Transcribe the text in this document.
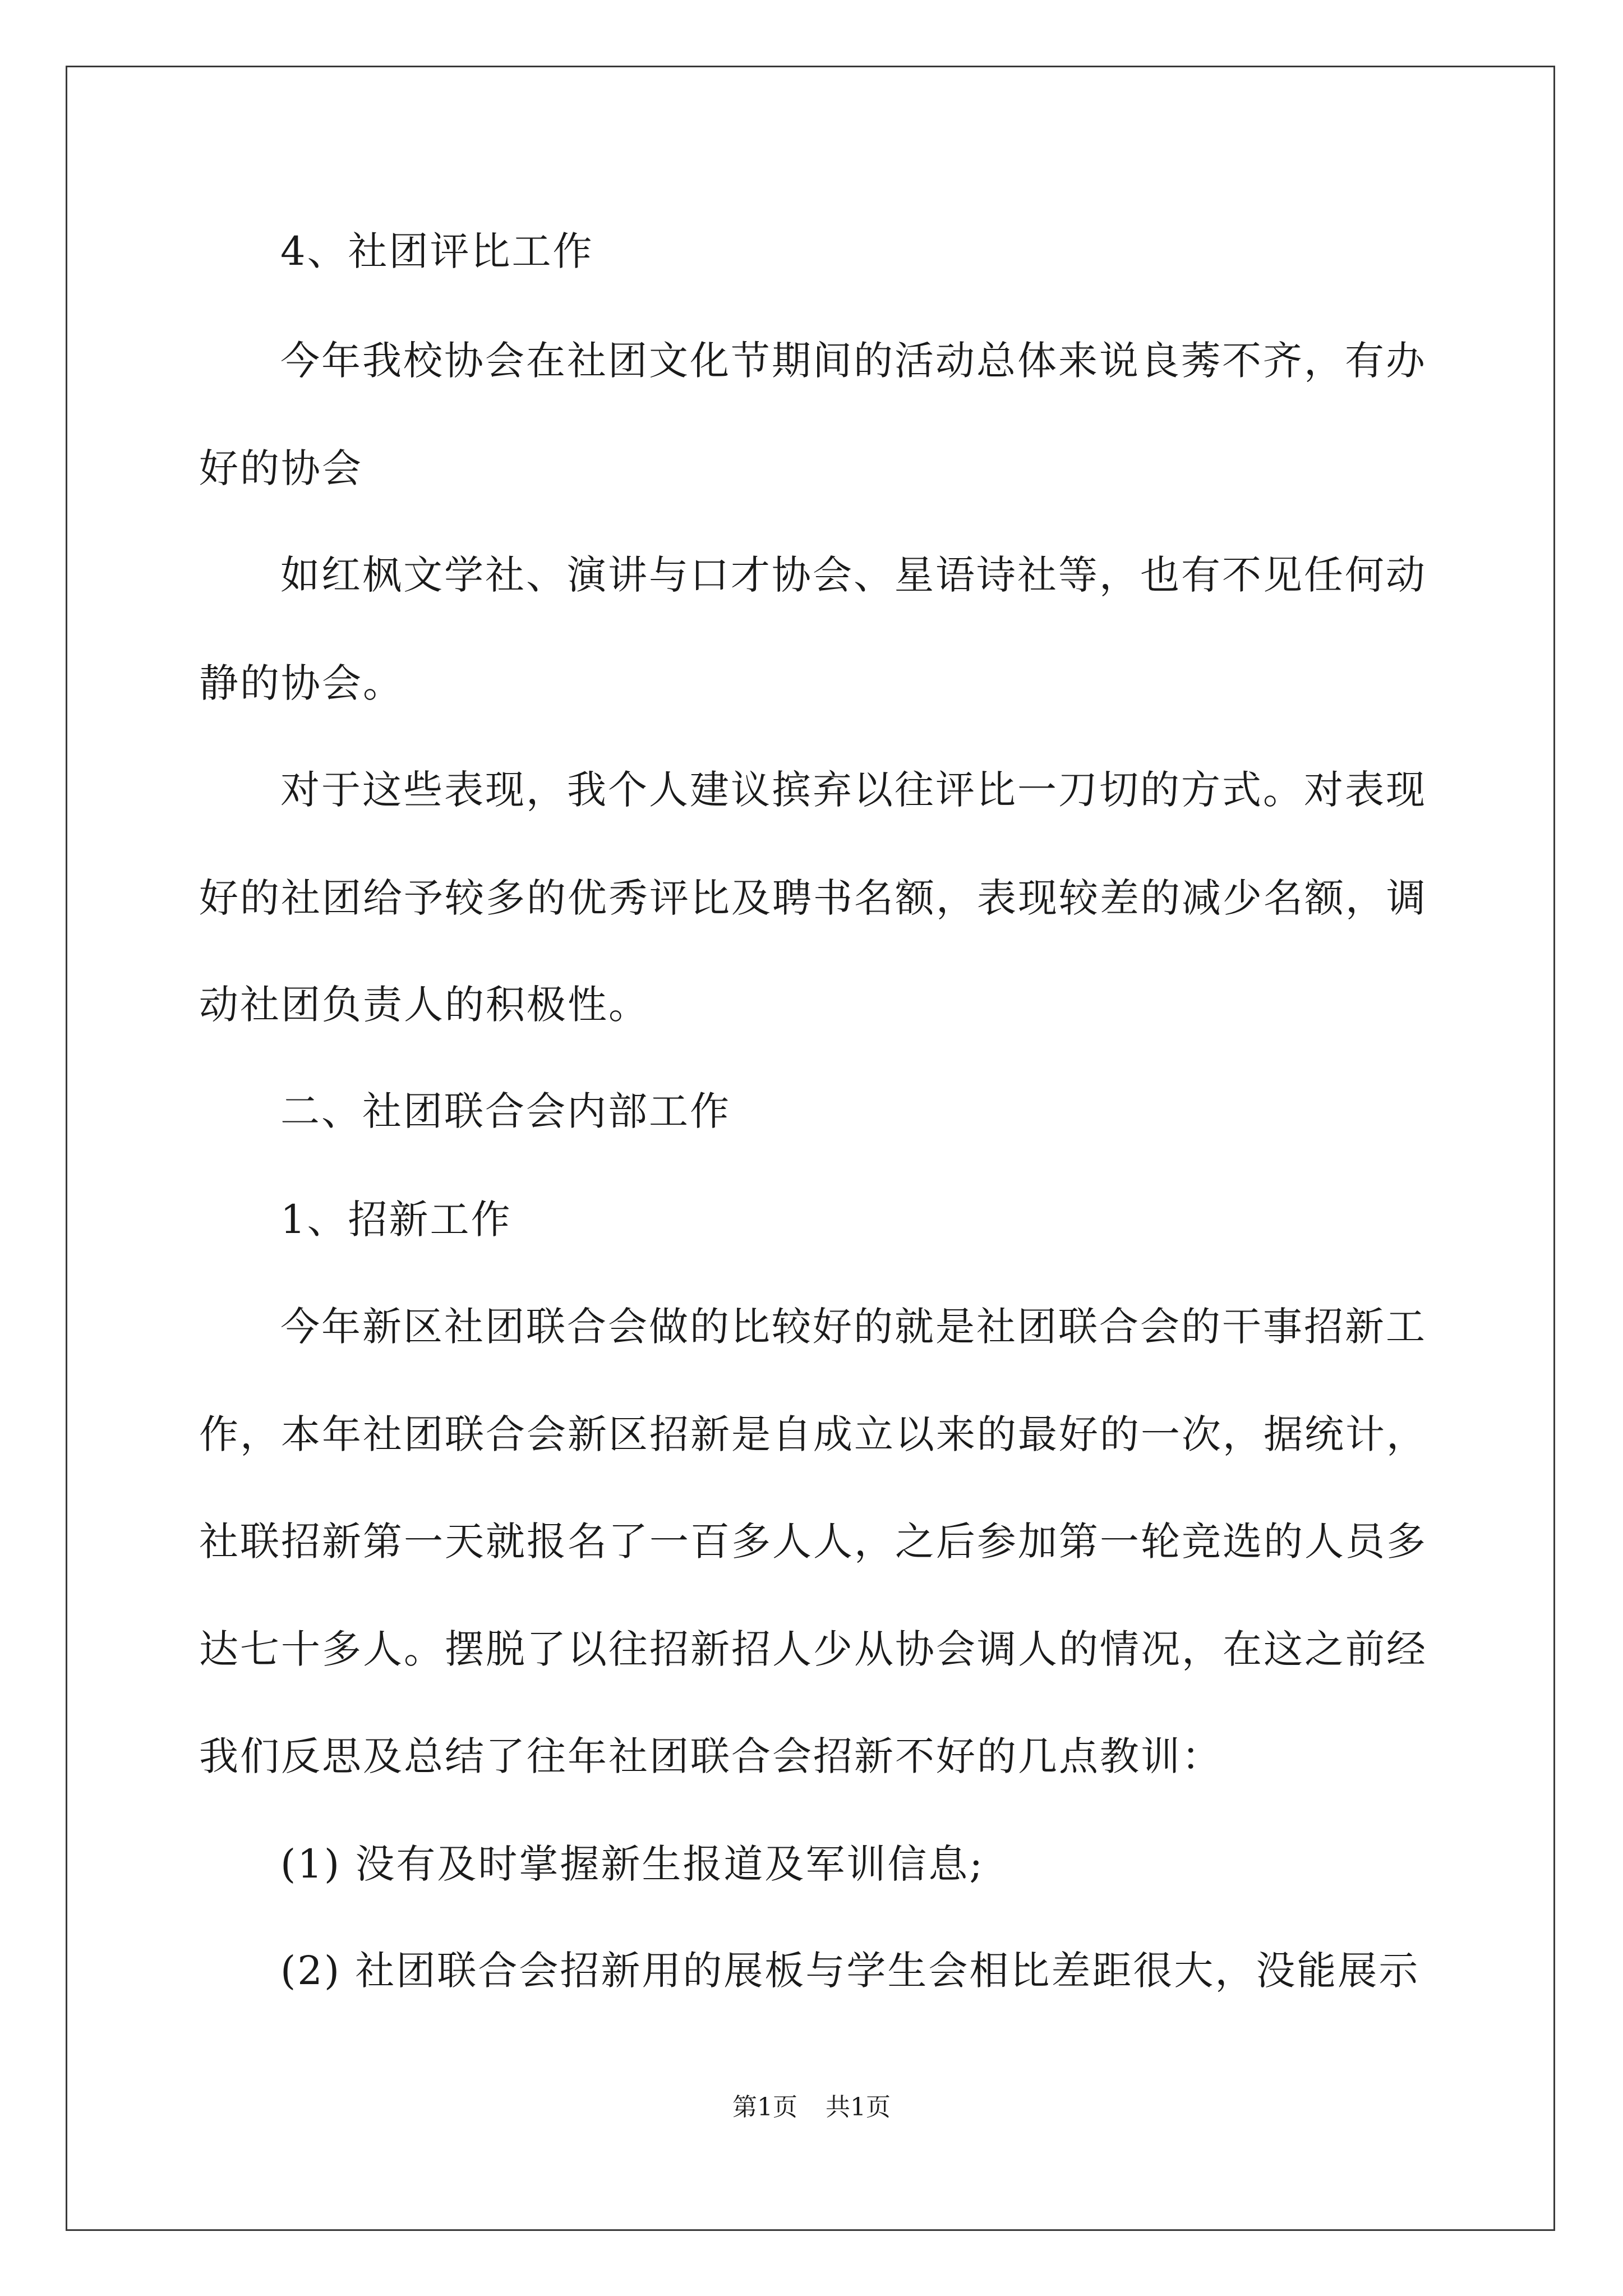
4、社团评比工作
今年我校协会在社团文化节期间的活动总体来说良莠不齐，有办
好的协会
如红枫文学社、演讲与口才协会、星语诗社等，也有不见任何动
静的协会。
对于这些表现，我个人建议摈弃以往评比一刀切的方式。对表现
好的社团给予较多的优秀评比及聘书名额，表现较差的减少名额，调
动社团负责人的积极性。
二、社团联合会内部工作
1、招新工作
今年新区社团联合会做的比较好的就是社团联合会的干事招新工
作，本年社团联合会新区招新是自成立以来的最好的一次，据统计，
社联招新第一天就报名了一百多人人，之后参加第一轮竞选的人员多
达七十多人。摆脱了以往招新招人少从协会调人的情况，在这之前经
我们反思及总结了往年社团联合会招新不好的几点教训：
(1) 没有及时掌握新生报道及军训信息;
(2) 社团联合会招新用的展板与学生会相比差距很大，没能展示
第1页 共1页
